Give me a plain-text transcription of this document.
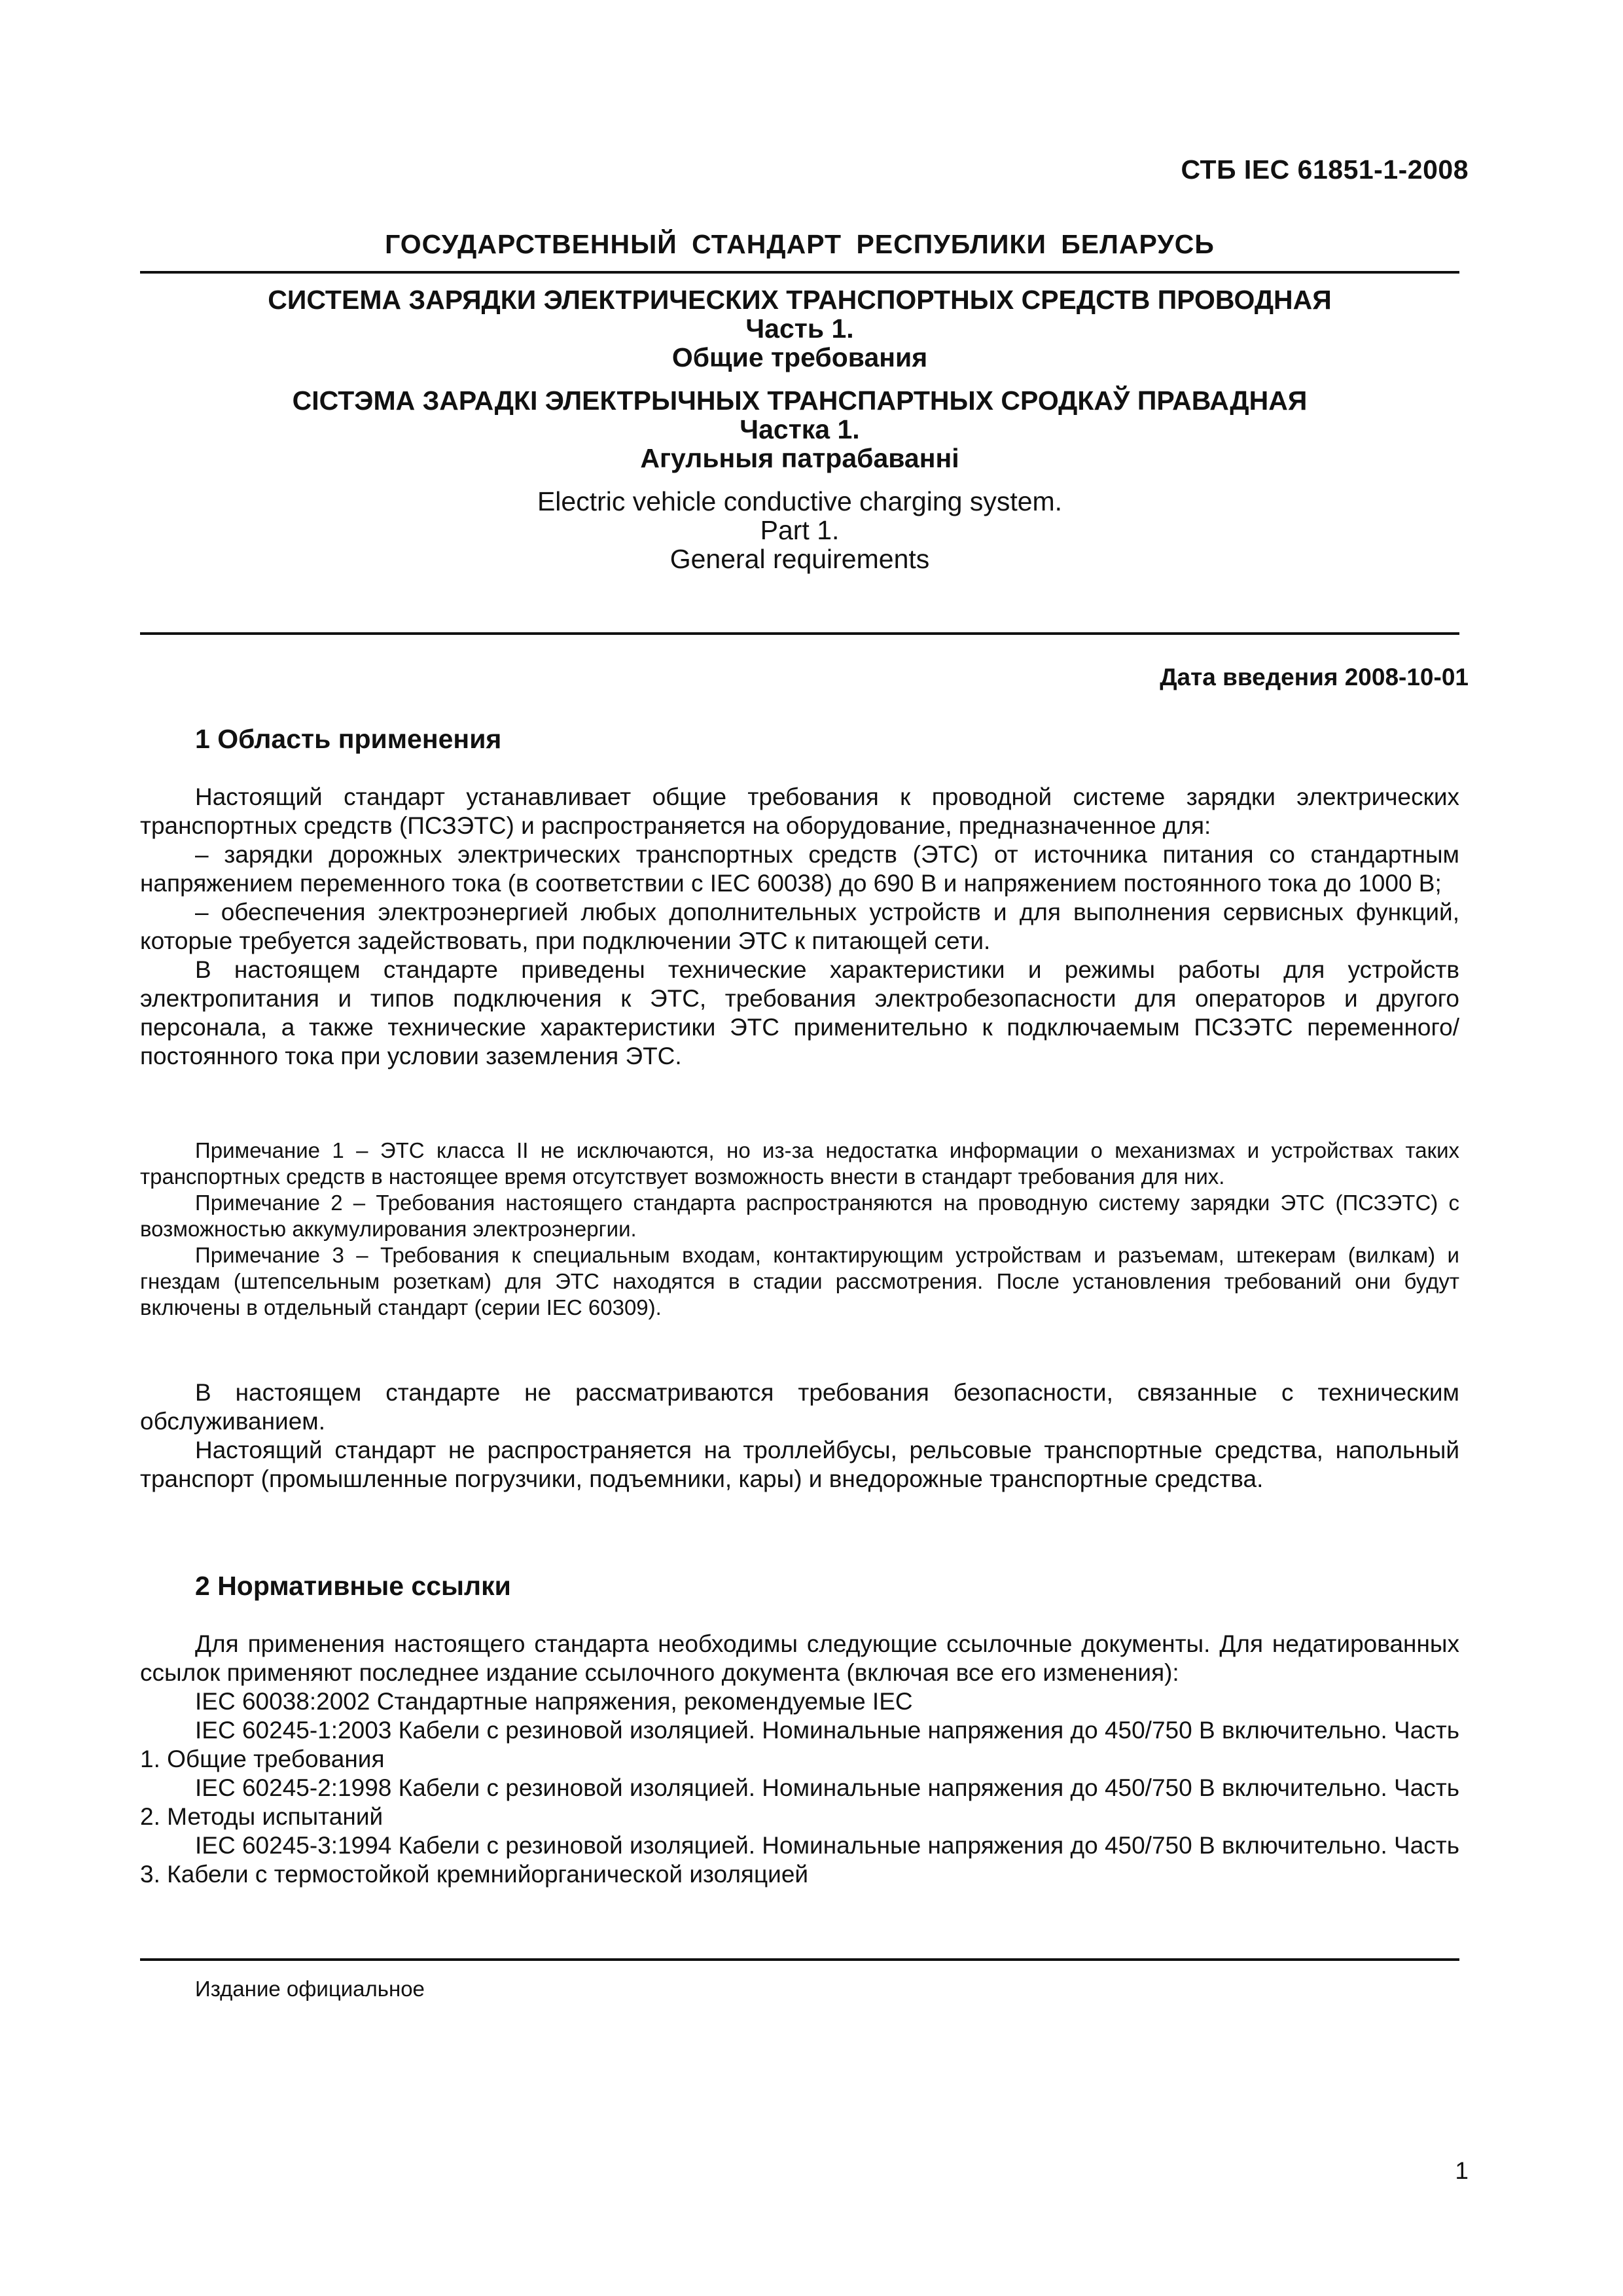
СТБ IEC 61851-1-2008
ГОСУДАРСТВЕННЫЙ СТАНДАРТ РЕСПУБЛИКИ БЕЛАРУСЬ
СИСТЕМА ЗАРЯДКИ ЭЛЕКТРИЧЕСКИХ ТРАНСПОРТНЫХ СРЕДСТВ ПРОВОДНАЯ
Часть 1.
Общие требования
СІСТЭМА ЗАРАДКІ ЭЛЕКТРЫЧНЫХ ТРАНСПАРТНЫХ СРОДКАЎ ПРАВАДНАЯ
Частка 1.
Агульныя патрабаванні
Electric vehicle conductive charging system.
Part 1.
General requirements
Дата введения 2008-10-01
1 Область применения

Настоящий стандарт устанавливает общие требования к проводной системе зарядки электрических транспортных средств (ПСЗЭТС) и распространяется на оборудование, предназначенное для:

– зарядки дорожных электрических транспортных средств (ЭТС) от источника питания со стандартным напряжением переменного тока (в соответствии с IEC 60038) до 690 В и напряжением постоянного тока до 1000 В;

– обеспечения электроэнергией любых дополнительных устройств и для выполнения сервисных функций, которые требуется задействовать, при подключении ЭТС к питающей сети.

В настоящем стандарте приведены технические характеристики и режимы работы для устройств электропитания и типов подключения к ЭТС, требования электробезопасности для операторов и другого персонала, а также технические характеристики ЭТС применительно к подключаемым ПСЗЭТС переменного/постоянного тока при условии заземления ЭТС.

Примечание 1 – ЭТС класса II не исключаются, но из-за недостатка информации о механизмах и устройствах таких транспортных средств в настоящее время отсутствует возможность внести в стандарт требования для них.

Примечание 2 – Требования настоящего стандарта распространяются на проводную систему зарядки ЭТС (ПСЗЭТС) с возможностью аккумулирования электроэнергии.

Примечание 3 – Требования к специальным входам, контактирующим устройствам и разъемам, штекерам (вилкам) и гнездам (штепсельным розеткам) для ЭТС находятся в стадии рассмотрения. После установления требований они будут включены в отдельный стандарт (серии IEC 60309).

В настоящем стандарте не рассматриваются требования безопасности, связанные с техническим обслуживанием.

Настоящий стандарт не распространяется на троллейбусы, рельсовые транспортные средства, напольный транспорт (промышленные погрузчики, подъемники, кары) и внедорожные транспортные средства.

2 Нормативные ссылки

Для применения настоящего стандарта необходимы следующие ссылочные документы. Для недатированных ссылок применяют последнее издание ссылочного документа (включая все его изменения):

IEC 60038:2002 Стандартные напряжения, рекомендуемые IEC

IEC 60245-1:2003 Кабели с резиновой изоляцией. Номинальные напряжения до 450/750 В включительно. Часть 1. Общие требования

IEC 60245-2:1998 Кабели с резиновой изоляцией. Номинальные напряжения до 450/750 В включительно. Часть 2. Методы испытаний

IEC 60245-3:1994 Кабели с резиновой изоляцией. Номинальные напряжения до 450/750 В включительно. Часть 3. Кабели с термостойкой кремнийорганической изоляцией

Издание официальное
1
